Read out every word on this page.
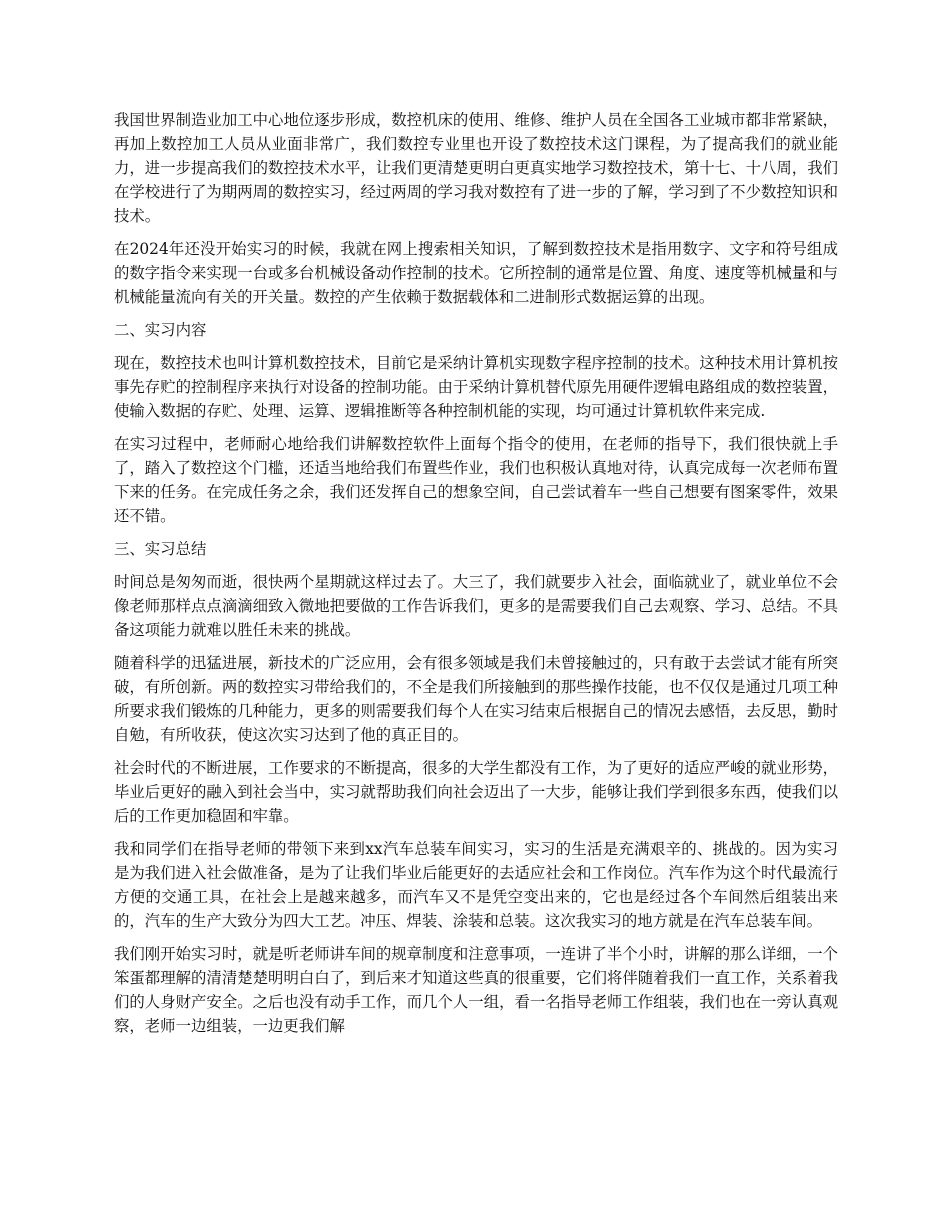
我国世界制造业加工中心地位逐步形成，数控机床的使用、维修、维护人员在全国各工业城市都非常紧缺，再加上数控加工人员从业面非常广，我们数控专业里也开设了数控技术这门课程，为了提高我们的就业能力，进一步提高我们的数控技术水平，让我们更清楚更明白更真实地学习数控技术，第十七、十八周，我们在学校进行了为期两周的数控实习，经过两周的学习我对数控有了进一步的了解，学习到了不少数控知识和技术。

在2024年还没开始实习的时候，我就在网上搜索相关知识，了解到数控技术是指用数字、文字和符号组成的数字指令来实现一台或多台机械设备动作控制的技术。它所控制的通常是位置、角度、速度等机械量和与机械能量流向有关的开关量。数控的产生依赖于数据载体和二进制形式数据运算的出现。

二、实习内容

现在，数控技术也叫计算机数控技术，目前它是采纳计算机实现数字程序控制的技术。这种技术用计算机按事先存贮的控制程序来执行对设备的控制功能。由于采纳计算机替代原先用硬件逻辑电路组成的数控装置，使输入数据的存贮、处理、运算、逻辑推断等各种控制机能的实现，均可通过计算机软件来完成.

在实习过程中，老师耐心地给我们讲解数控软件上面每个指令的使用，在老师的指导下，我们很快就上手了，踏入了数控这个门槛，还适当地给我们布置些作业，我们也积极认真地对待，认真完成每一次老师布置下来的任务。在完成任务之余，我们还发挥自己的想象空间，自己尝试着车一些自己想要有图案零件，效果还不错。

三、实习总结

时间总是匆匆而逝，很快两个星期就这样过去了。大三了，我们就要步入社会，面临就业了，就业单位不会像老师那样点点滴滴细致入微地把要做的工作告诉我们，更多的是需要我们自己去观察、学习、总结。不具备这项能力就难以胜任未来的挑战。

随着科学的迅猛进展，新技术的广泛应用，会有很多领域是我们未曾接触过的，只有敢于去尝试才能有所突破，有所创新。两的数控实习带给我们的，不全是我们所接触到的那些操作技能，也不仅仅是通过几项工种所要求我们锻炼的几种能力，更多的则需要我们每个人在实习结束后根据自己的情况去感悟，去反思，勤时自勉，有所收获，使这次实习达到了他的真正目的。

社会时代的不断进展，工作要求的不断提高，很多的大学生都没有工作，为了更好的适应严峻的就业形势，毕业后更好的融入到社会当中，实习就帮助我们向社会迈出了一大步，能够让我们学到很多东西，使我们以后的工作更加稳固和牢靠。

我和同学们在指导老师的带领下来到xx汽车总装车间实习，实习的生活是充满艰辛的、挑战的。因为实习是为我们进入社会做准备，是为了让我们毕业后能更好的去适应社会和工作岗位。汽车作为这个时代最流行方便的交通工具，在社会上是越来越多，而汽车又不是凭空变出来的，它也是经过各个车间然后组装出来的，汽车的生产大致分为四大工艺。冲压、焊装、涂装和总装。这次我实习的地方就是在汽车总装车间。

我们刚开始实习时，就是听老师讲车间的规章制度和注意事项，一连讲了半个小时，讲解的那么详细，一个笨蛋都理解的清清楚楚明明白白了，到后来才知道这些真的很重要，它们将伴随着我们一直工作，关系着我们的人身财产安全。之后也没有动手工作，而几个人一组，看一名指导老师工作组装，我们也在一旁认真观察，老师一边组装，一边更我们解
